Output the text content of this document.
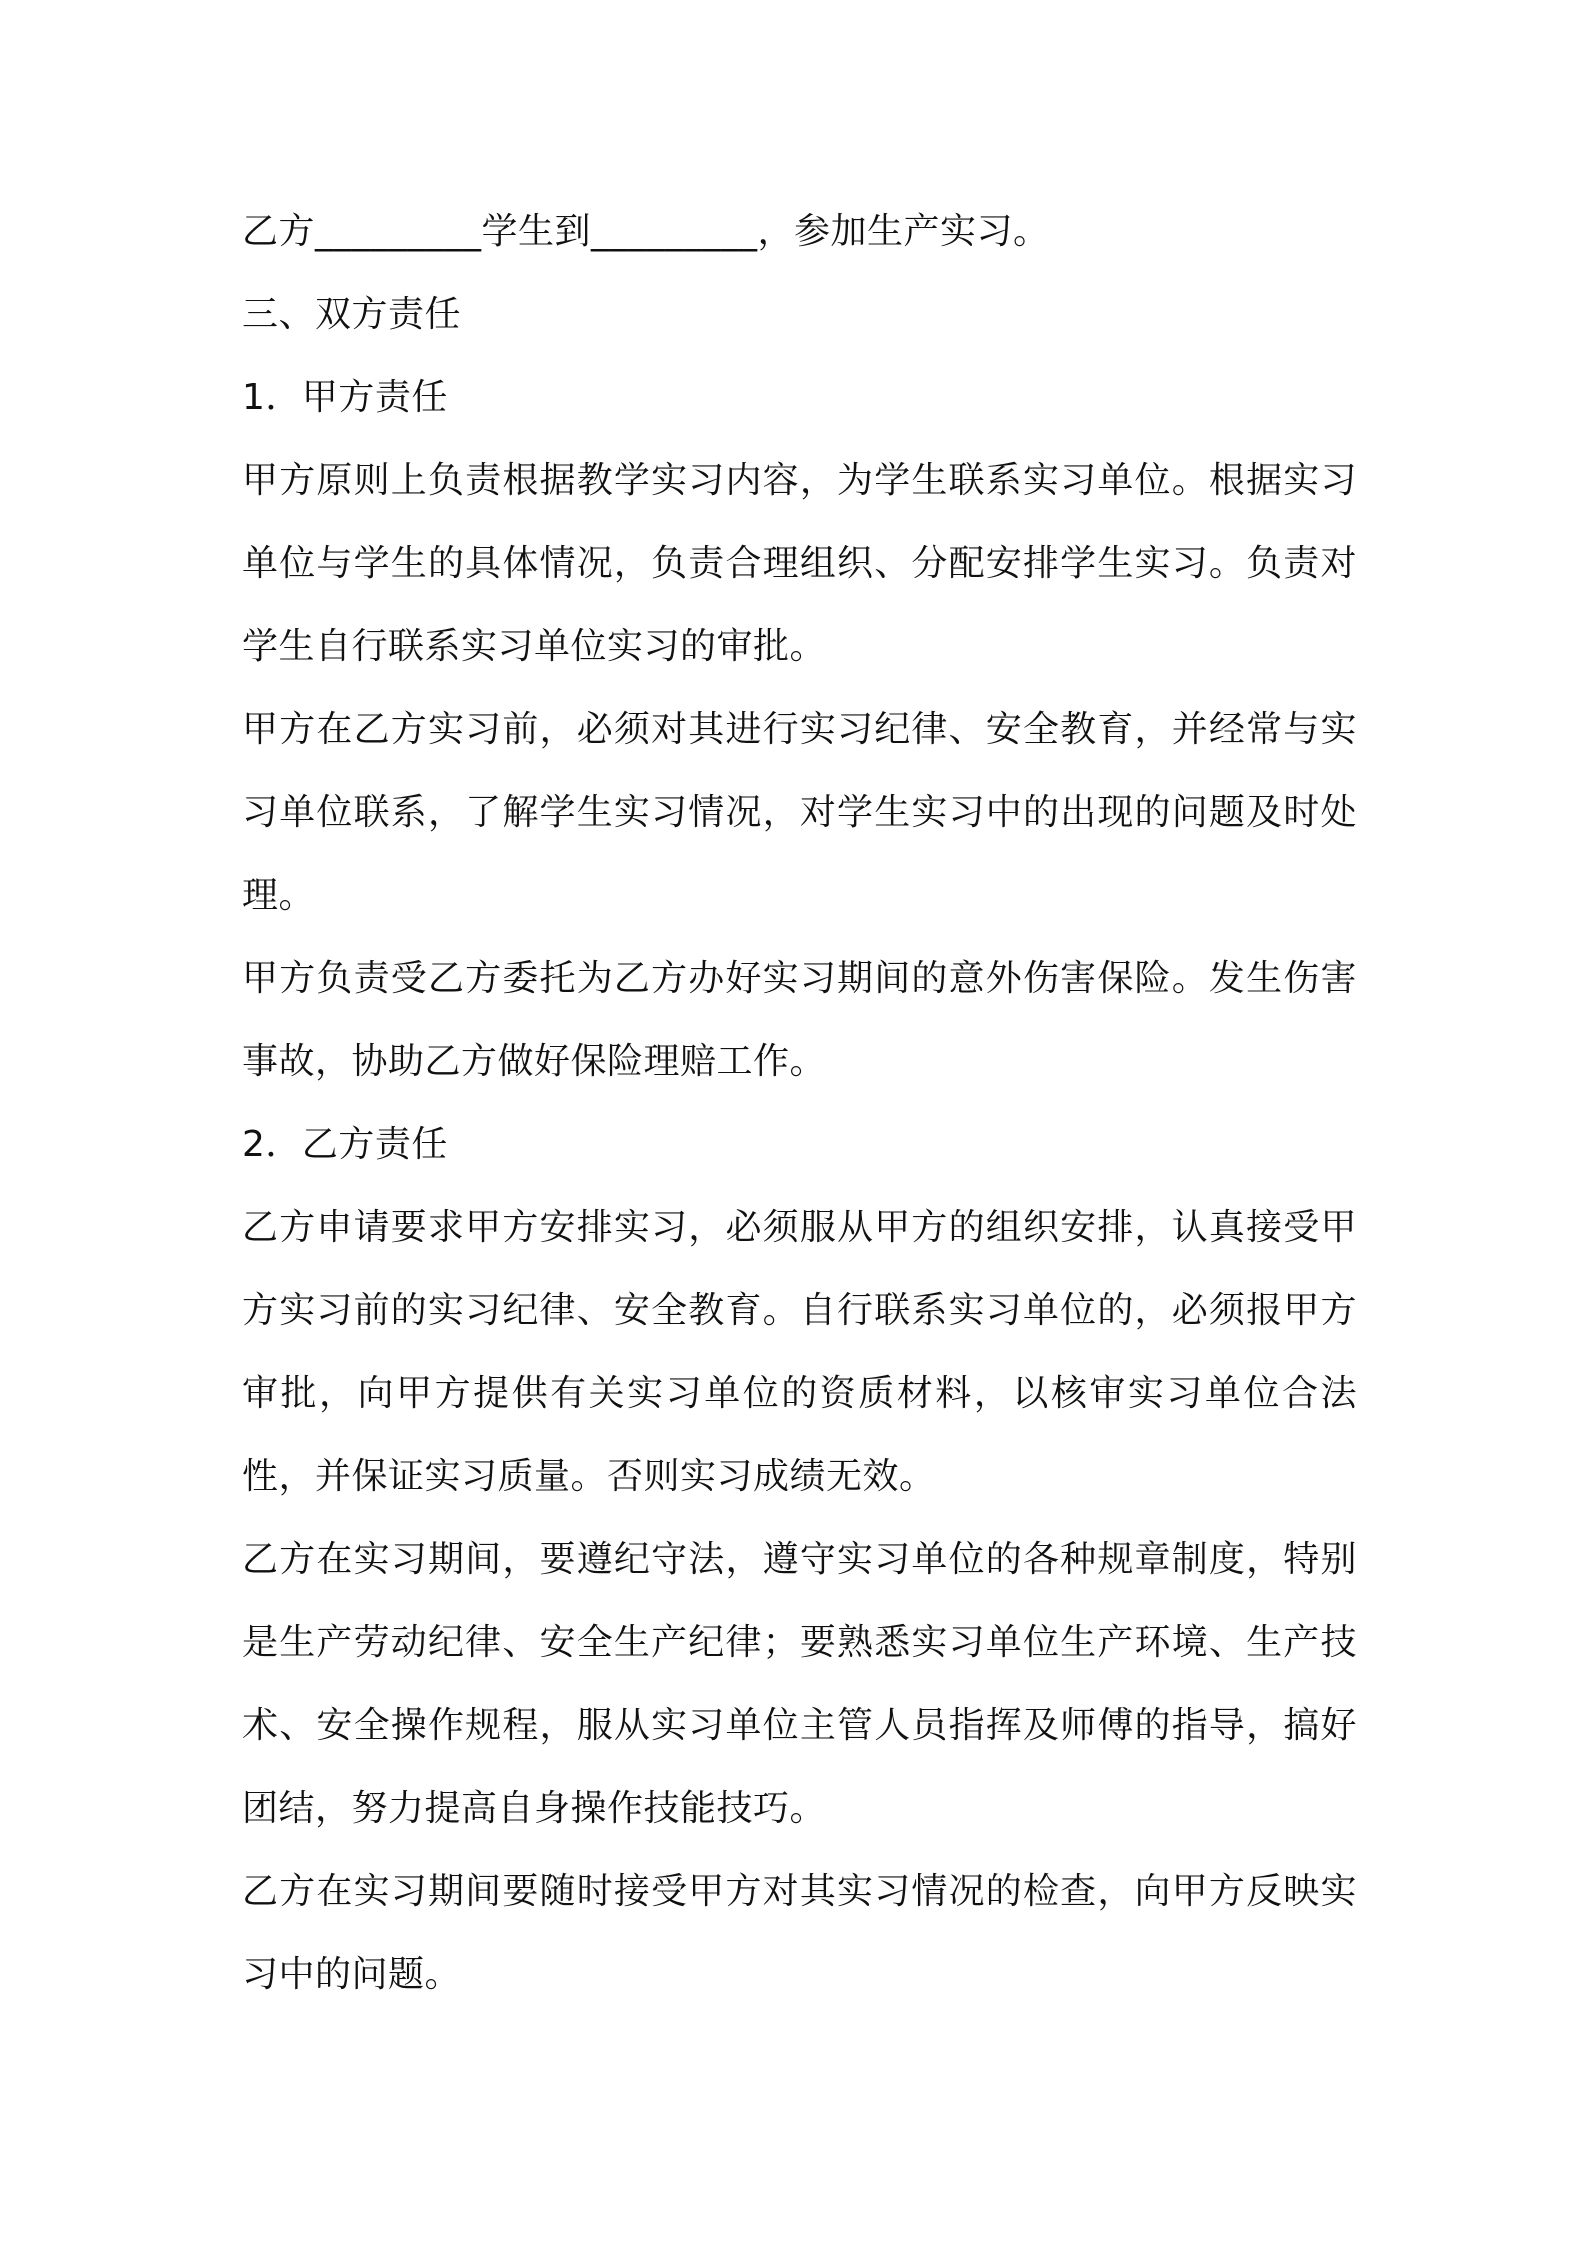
乙方_________学生到_________，参加生产实习。

三、双方责任

1．甲方责任

甲方原则上负责根据教学实习内容，为学生联系实习单位。根据实习单位与学生的具体情况，负责合理组织、分配安排学生实习。负责对学生自行联系实习单位实习的审批。

甲方在乙方实习前，必须对其进行实习纪律、安全教育，并经常与实习单位联系，了解学生实习情况，对学生实习中的出现的问题及时处理。

甲方负责受乙方委托为乙方办好实习期间的意外伤害保险。发生伤害事故，协助乙方做好保险理赔工作。

2．乙方责任

乙方申请要求甲方安排实习，必须服从甲方的组织安排，认真接受甲方实习前的实习纪律、安全教育。自行联系实习单位的，必须报甲方审批，向甲方提供有关实习单位的资质材料，以核审实习单位合法性，并保证实习质量。否则实习成绩无效。

乙方在实习期间，要遵纪守法，遵守实习单位的各种规章制度，特别是生产劳动纪律、安全生产纪律；要熟悉实习单位生产环境、生产技术、安全操作规程，服从实习单位主管人员指挥及师傅的指导，搞好团结，努力提高自身操作技能技巧。

乙方在实习期间要随时接受甲方对其实习情况的检查，向甲方反映实习中的问题。
